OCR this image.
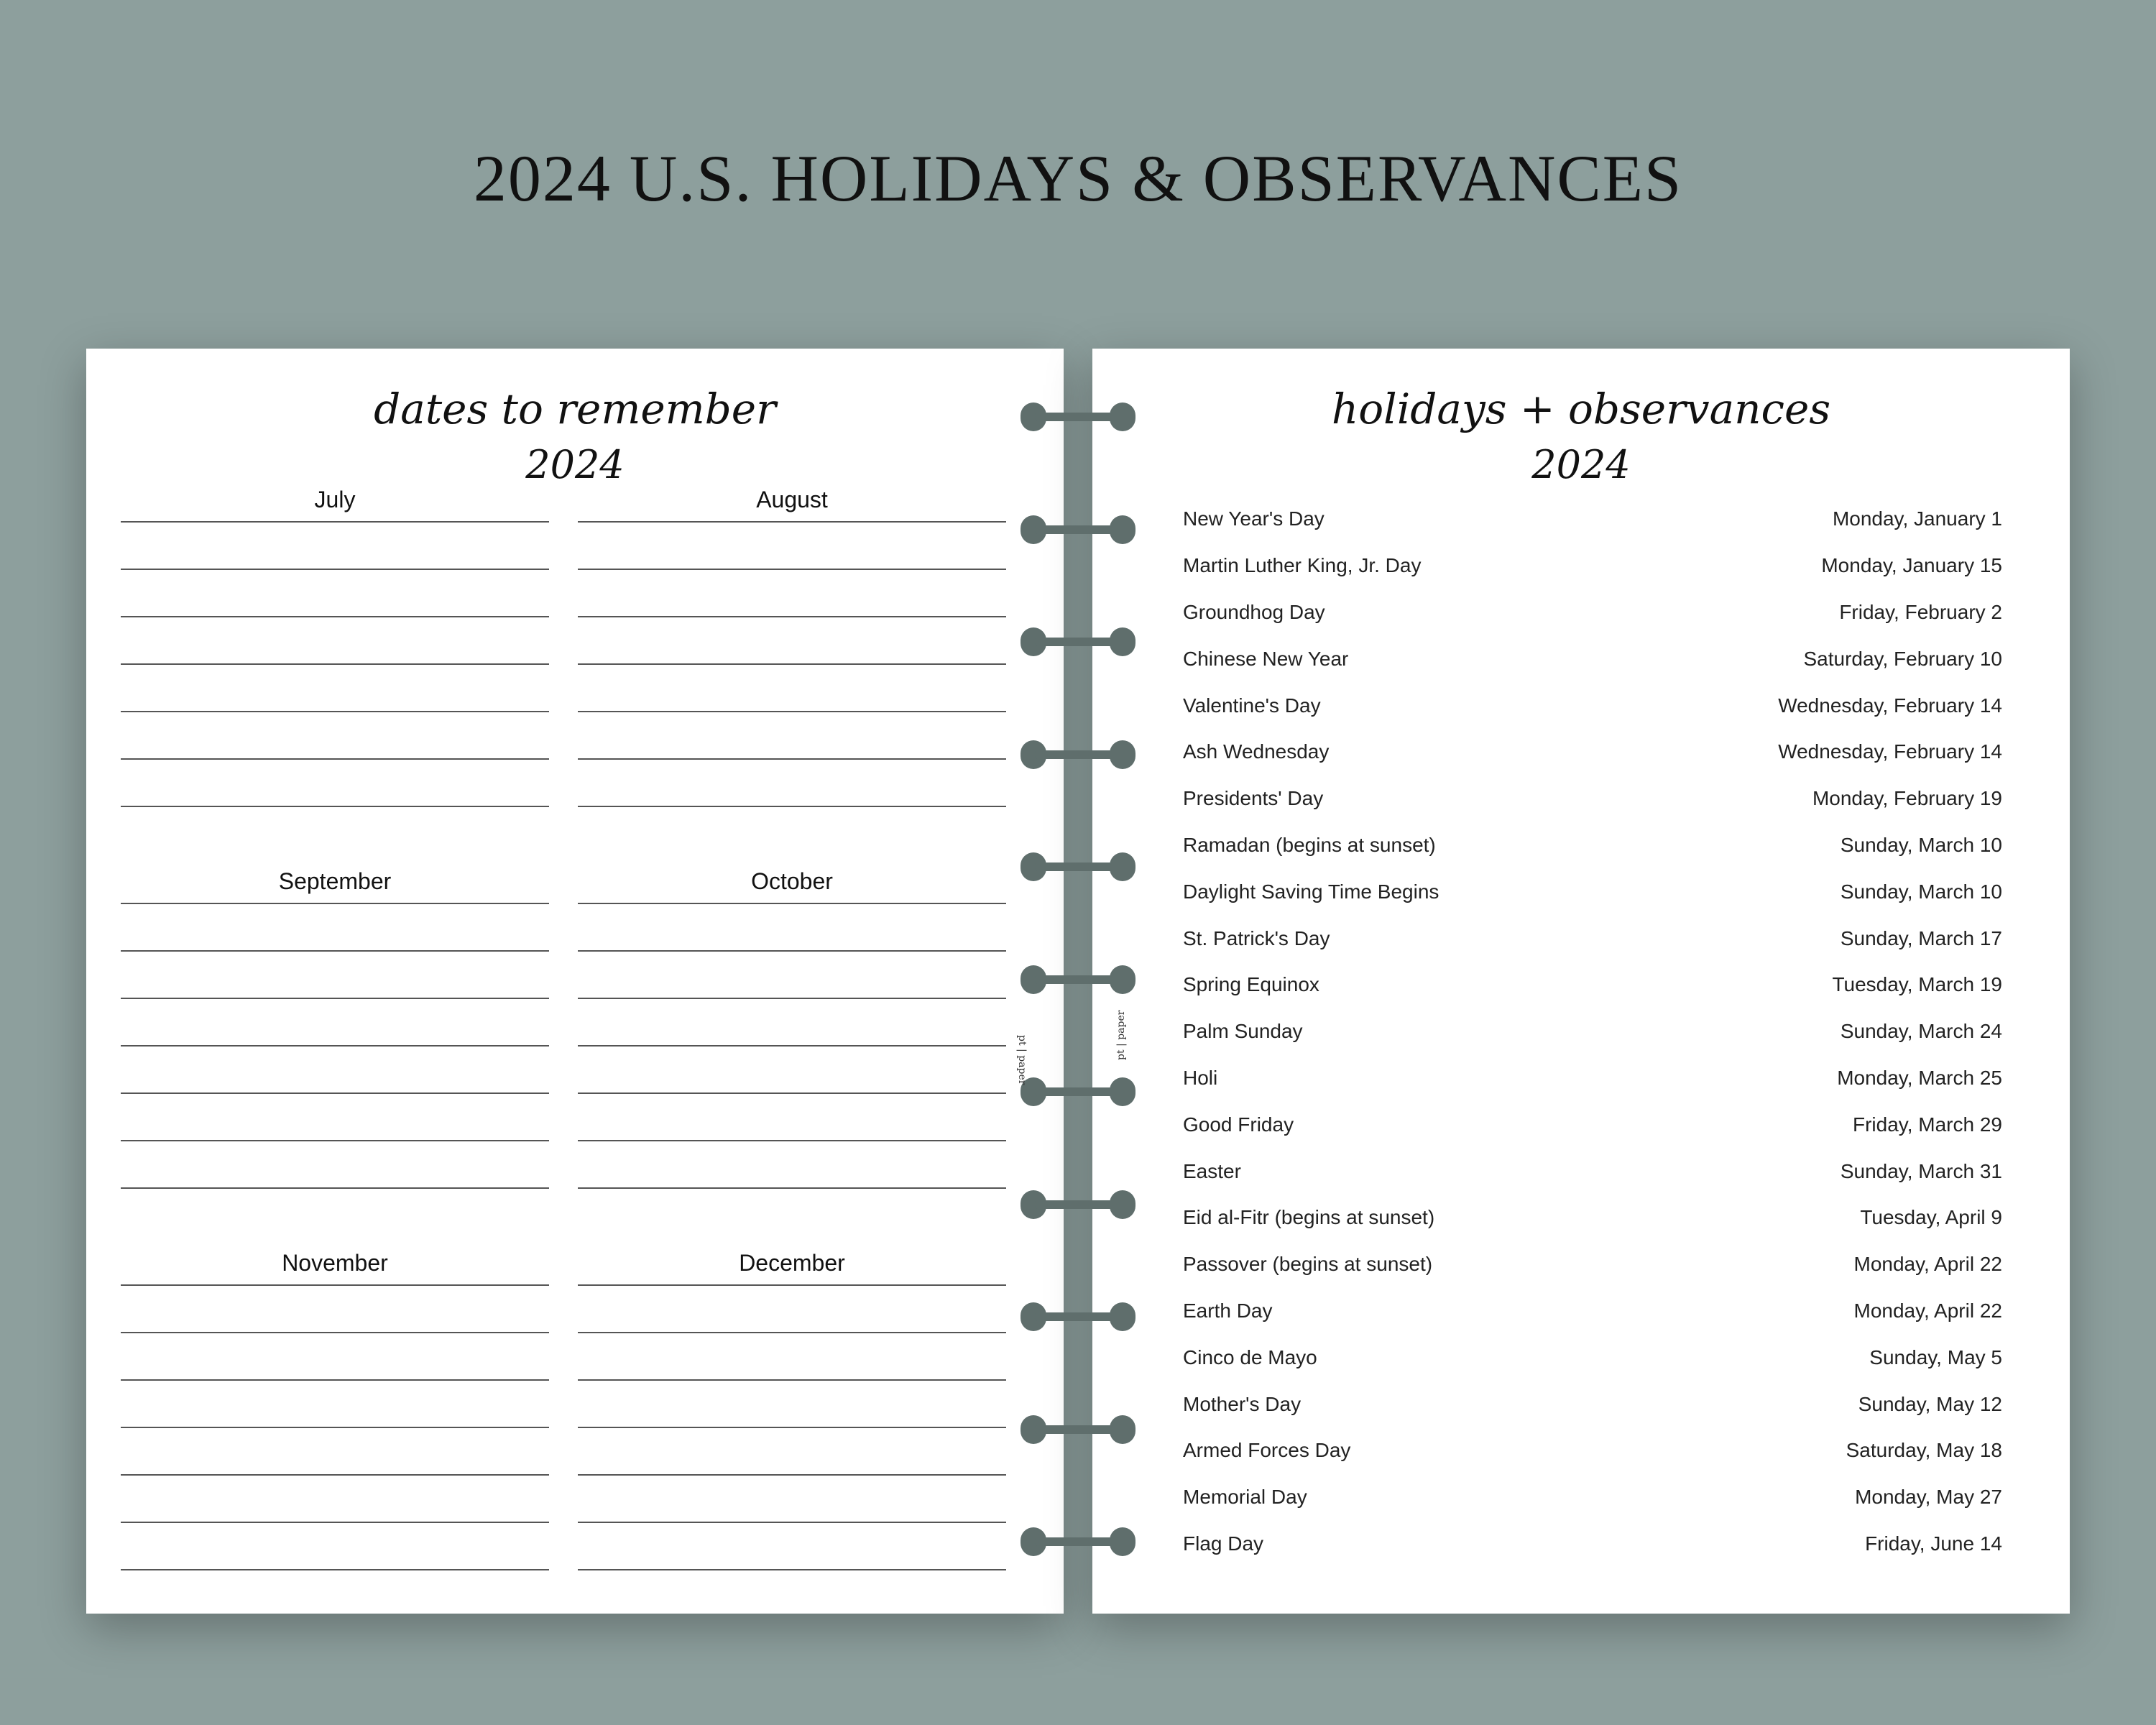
2024 U.S. HOLIDAYS & OBSERVANCES
dates to remember
2024
July	August
September	October
November	December
holidays + observances
2024
New Year's Day	Monday, January 1
Martin Luther King, Jr. Day	Monday, January 15
Groundhog Day	Friday, February 2
Chinese New Year	Saturday, February 10
Valentine's Day	Wednesday, February 14
Ash Wednesday	Wednesday, February 14
Presidents' Day	Monday, February 19
Ramadan (begins at sunset)	Sunday, March 10
Daylight Saving Time Begins	Sunday, March 10
St. Patrick's Day	Sunday, March 17
Spring Equinox	Tuesday, March 19
Palm Sunday	Sunday, March 24
Holi	Monday, March 25
Good Friday	Friday, March 29
Easter	Sunday, March 31
Eid al-Fitr (begins at sunset)	Tuesday, April 9
Passover (begins at sunset)	Monday, April 22
Earth Day	Monday, April 22
Cinco de Mayo	Sunday, May 5
Mother's Day	Sunday, May 12
Armed Forces Day	Saturday, May 18
Memorial Day	Monday, May 27
Flag Day	Friday, June 14
pt | paper	pt | paper
